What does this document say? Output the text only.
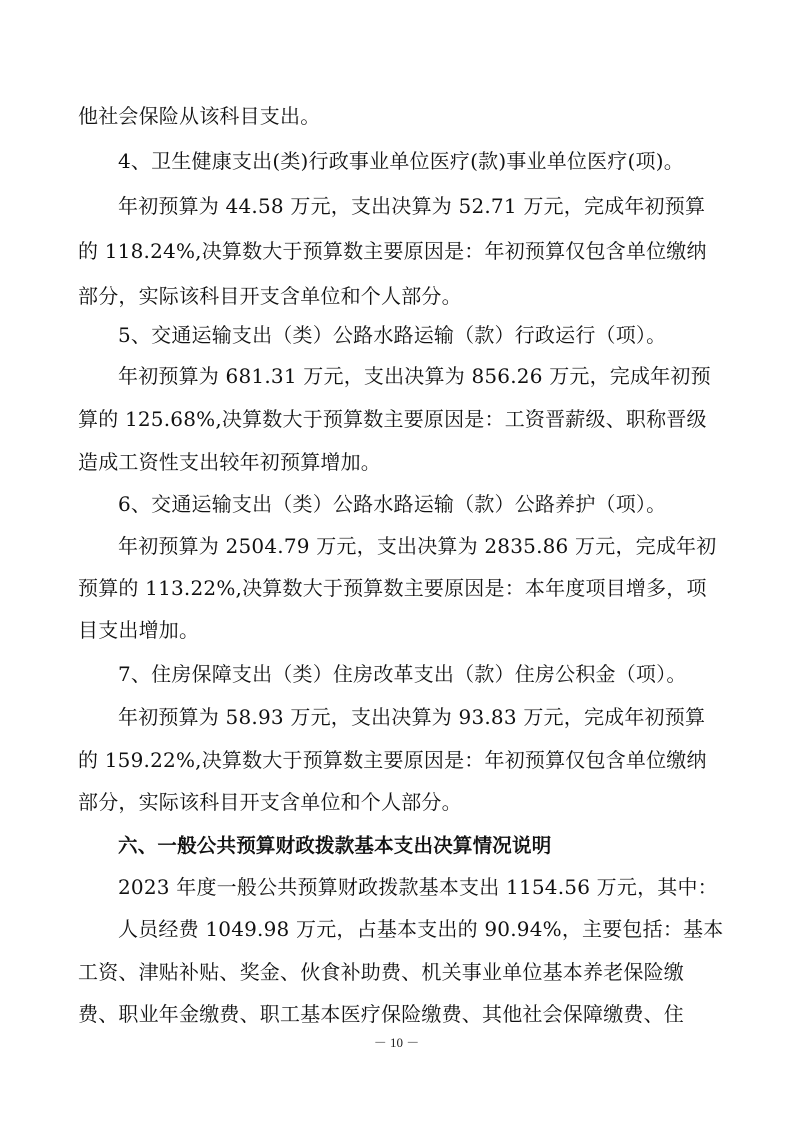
他社会保险从该科目支出。
4、卫生健康支出(类)行政事业单位医疗(款)事业单位医疗(项)。
年初预算为 44.58 万元，支出决算为 52.71 万元，完成年初预算
的 118.24%,决算数大于预算数主要原因是：年初预算仅包含单位缴纳
部分，实际该科目开支含单位和个人部分。
5、交通运输支出（类）公路水路运输（款）行政运行（项）。
年初预算为 681.31 万元，支出决算为 856.26 万元，完成年初预
算的 125.68%,决算数大于预算数主要原因是：工资晋薪级、职称晋级
造成工资性支出较年初预算增加。
6、交通运输支出（类）公路水路运输（款）公路养护（项）。
年初预算为 2504.79 万元，支出决算为 2835.86 万元，完成年初
预算的 113.22%,决算数大于预算数主要原因是：本年度项目增多，项
目支出增加。
7、住房保障支出（类）住房改革支出（款）住房公积金（项）。
年初预算为 58.93 万元，支出决算为 93.83 万元，完成年初预算
的 159.22%,决算数大于预算数主要原因是：年初预算仅包含单位缴纳
部分，实际该科目开支含单位和个人部分。
六、一般公共预算财政拨款基本支出决算情况说明
2023 年度一般公共预算财政拨款基本支出 1154.56 万元，其中：
人员经费 1049.98 万元，占基本支出的 90.94%，主要包括：基本
工资、津贴补贴、奖金、伙食补助费、机关事业单位基本养老保险缴
费、职业年金缴费、职工基本医疗保险缴费、其他社会保障缴费、住
－ 10 －
